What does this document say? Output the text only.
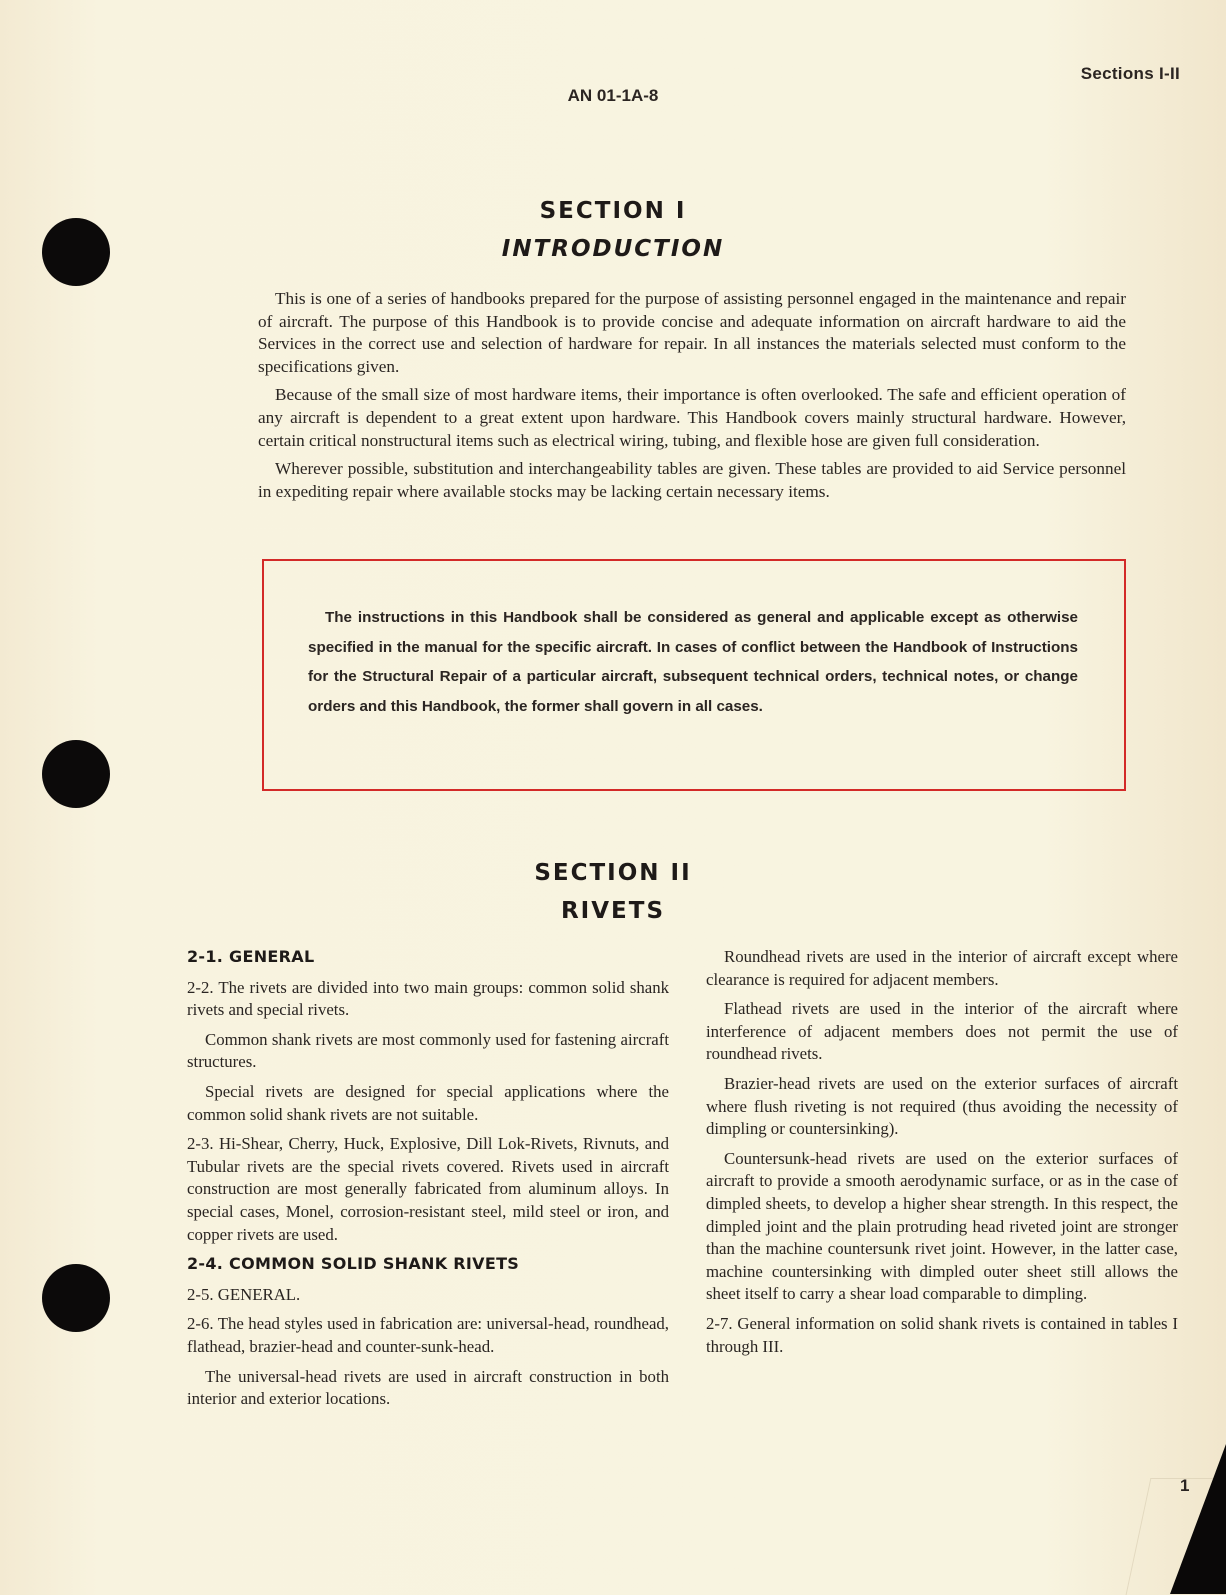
Sections I-II
AN 01-1A-8
SECTION I
INTRODUCTION

This is one of a series of handbooks prepared for the purpose of assisting personnel engaged in the maintenance and repair of aircraft. The purpose of this Handbook is to provide concise and adequate information on aircraft hardware to aid the Services in the correct use and selection of hardware for repair. In all instances the materials selected must conform to the specifications given.

Because of the small size of most hardware items, their importance is often overlooked. The safe and efficient operation of any aircraft is dependent to a great extent upon hardware. This Handbook covers mainly structural hardware. However, certain critical nonstructural items such as electrical wiring, tubing, and flexible hose are given full consideration.

Wherever possible, substitution and interchangeability tables are given. These tables are provided to aid Service personnel in expediting repair where available stocks may be lacking certain necessary items.

The instructions in this Handbook shall be considered as general and applicable except as otherwise specified in the manual for the specific aircraft. In cases of conflict between the Handbook of Instructions for the Structural Repair of a particular aircraft, subsequent technical orders, technical notes, or change orders and this Handbook, the former shall govern in all cases.

SECTION II
RIVETS
2-1. GENERAL

2-2. The rivets are divided into two main groups: common solid shank rivets and special rivets.

Common shank rivets are most commonly used for fastening aircraft structures.

Special rivets are designed for special applications where the common solid shank rivets are not suitable.

2-3. Hi-Shear, Cherry, Huck, Explosive, Dill Lok-Rivets, Rivnuts, and Tubular rivets are the special rivets covered. Rivets used in aircraft construction are most generally fabricated from aluminum alloys. In special cases, Monel, corrosion-resistant steel, mild steel or iron, and copper rivets are used.

2-4. COMMON SOLID SHANK RIVETS

2-5. GENERAL.

2-6. The head styles used in fabrication are: universal-head, roundhead, flathead, brazier-head and counter-sunk-head.

The universal-head rivets are used in aircraft construction in both interior and exterior locations.

Roundhead rivets are used in the interior of aircraft except where clearance is required for adjacent members.

Flathead rivets are used in the interior of the aircraft where interference of adjacent members does not permit the use of roundhead rivets.

Brazier-head rivets are used on the exterior surfaces of aircraft where flush riveting is not required (thus avoiding the necessity of dimpling or countersinking).

Countersunk-head rivets are used on the exterior surfaces of aircraft to provide a smooth aerodynamic surface, or as in the case of dimpled sheets, to develop a higher shear strength. In this respect, the dimpled joint and the plain protruding head riveted joint are stronger than the machine countersunk rivet joint. However, in the latter case, machine countersinking with dimpled outer sheet still allows the sheet itself to carry a shear load comparable to dimpling.

2-7. General information on solid shank rivets is contained in tables I through III.

1
